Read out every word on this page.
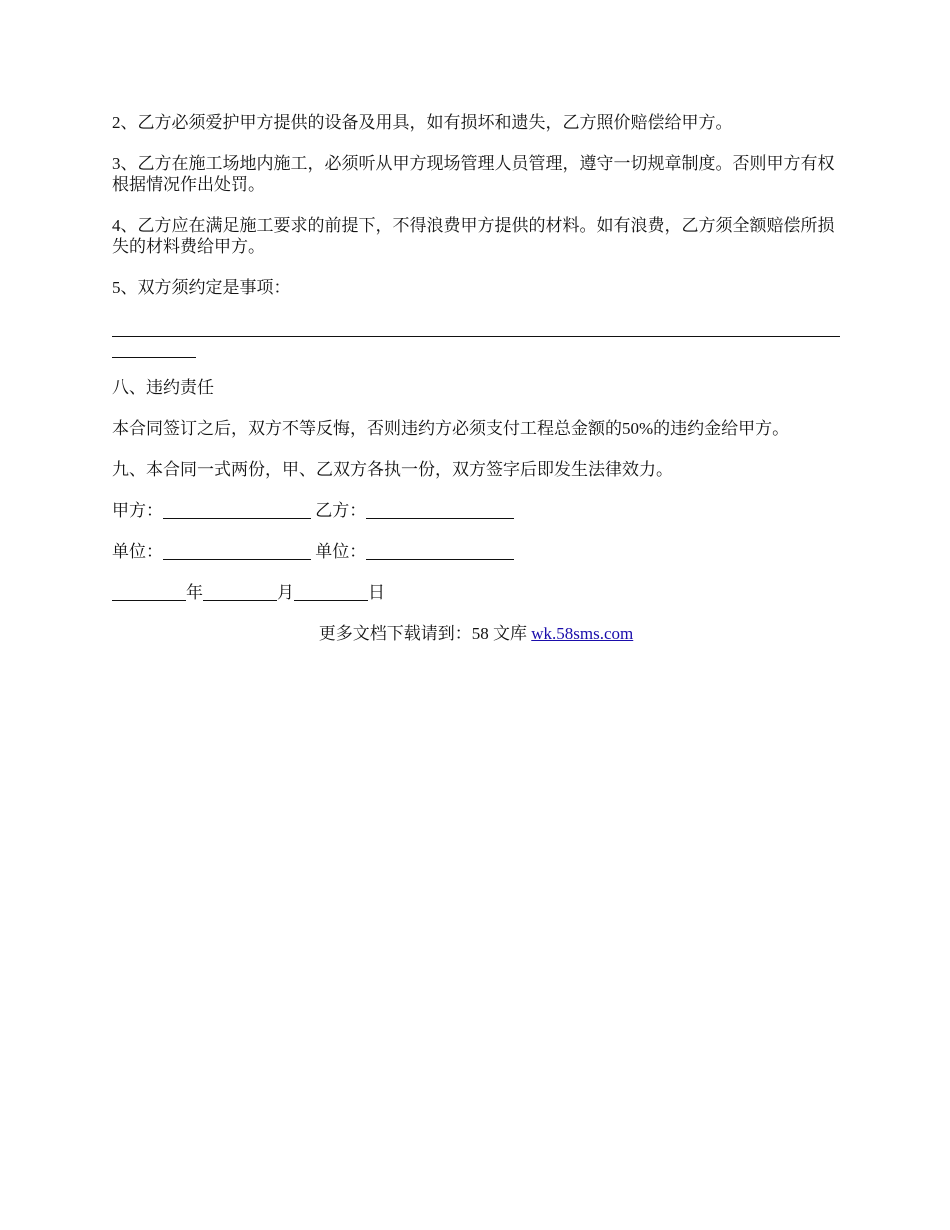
2、乙方必须爱护甲方提供的设备及用具，如有损坏和遗失，乙方照价赔偿给甲方。

3、乙方在施工场地内施工，必须听从甲方现场管理人员管理，遵守一切规章制度。否则甲方有权根据情况作出处罚。

4、乙方应在满足施工要求的前提下，不得浪费甲方提供的材料。如有浪费，乙方须全额赔偿所损失的材料费给甲方。

5、双方须约定是事项：

八、违约责任

本合同签订之后，双方不等反悔，否则违约方必须支付工程总金额的50%的违约金给甲方。

九、本合同一式两份，甲、乙双方各执一份，双方签字后即发生法律效力。

甲方：	乙方：

单位：	单位：

年	月	日

更多文档下载请到：58 文库 wk.58sms.com
